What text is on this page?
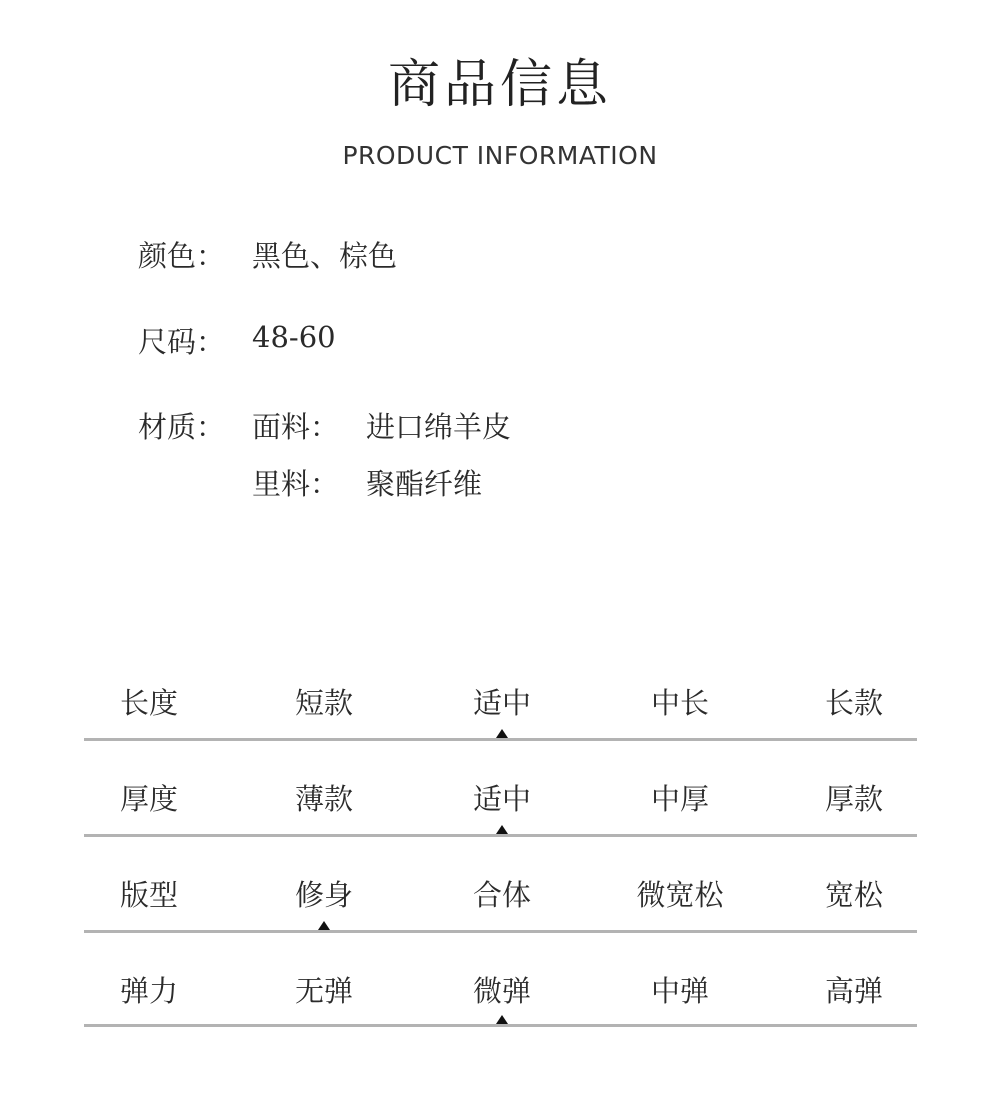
商品信息
PRODUCT INFORMATION
颜色： 黑色、棕色
尺码： 48-60
材质： 面料： 进口绵羊皮
里料： 聚酯纤维
长度	短款	适中	中长	长款
厚度	薄款	适中	中厚	厚款
版型	修身	合体	微宽松	宽松
弹力	无弹	微弹	中弹	高弹
